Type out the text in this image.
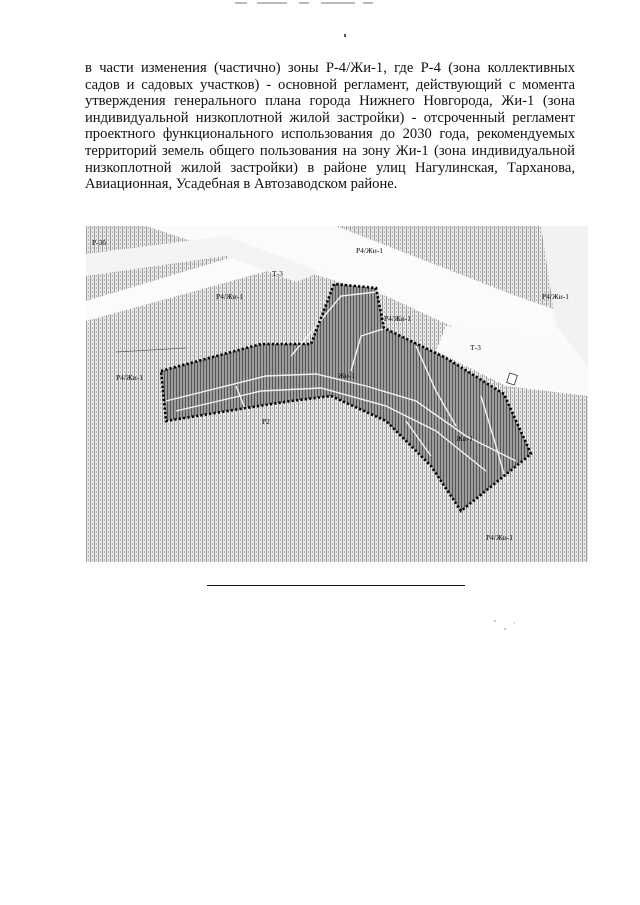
в части изменения (частично) зоны Р-4/Жи-1, где Р-4 (зона коллективных садов и садовых участков) - основной регламент, действующий с момента утверждения генерального плана города Нижнего Новгорода, Жи-1 (зона индивидуальной низкоплотной жилой застройки) - отсроченный регламент проектного функционального использования до 2030 года, рекомендуемых территорий земель общего пользования на зону Жи-1 (зона индивидуальной низкоплотной жилой застройки) в районе улиц Нагулинская, Тарханова, Авиационная, Усадебная в Автозаводском районе.

Р-3б
Р4/Жи-1
Т-3
Р4/Жи-1	Р4/Жи-1
Р4/Жи-1
Т-3
Р4/Жи-1	Жи-1
Р2
Жи-1
Р4/Жи-1
